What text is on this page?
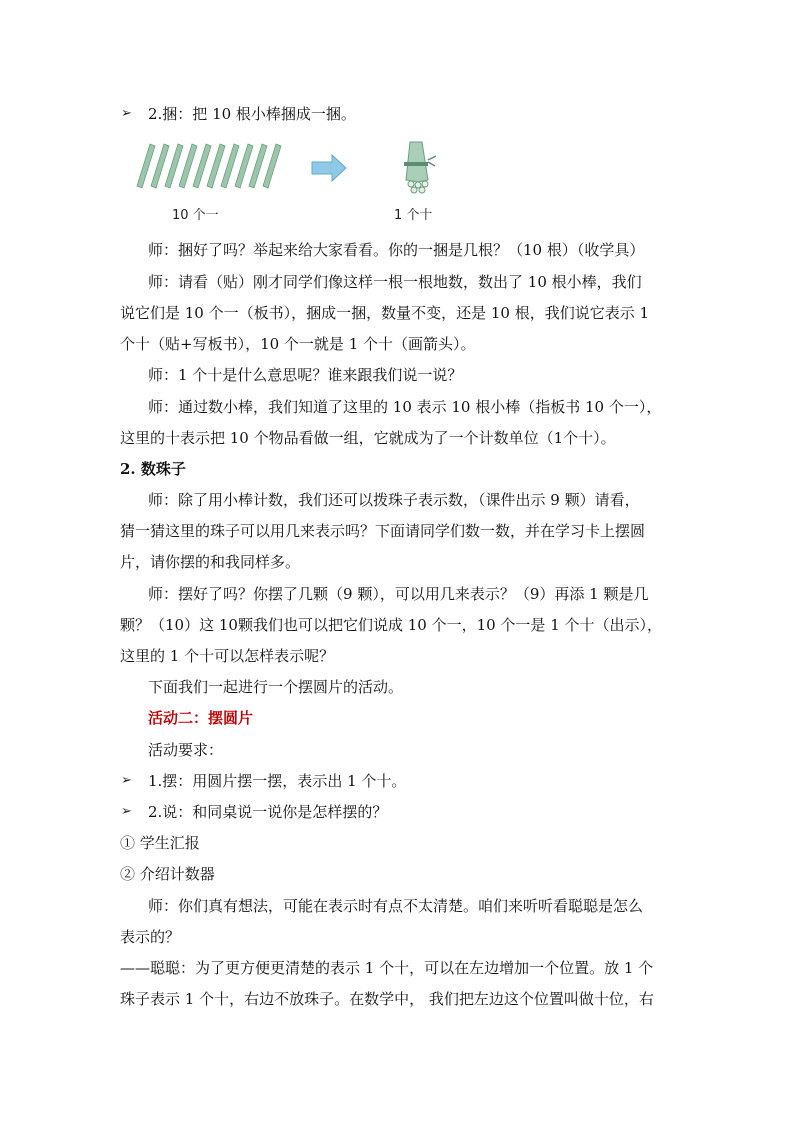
➢ 2.捆：把 10 根小棒捆成一捆。
10 个一	1 个十
师：捆好了吗？举起来给大家看看。你的一捆是几根？（10 根）（收学具）
师：请看（贴）刚才同学们像这样一根一根地数，数出了 10 根小棒，我们
说它们是 10 个一（板书），捆成一捆，数量不变，还是 10 根，我们说它表示 1
个十（贴+写板书），10 个一就是 1 个十（画箭头）。
师：1 个十是什么意思呢？谁来跟我们说一说？
师：通过数小棒，我们知道了这里的 10 表示 10 根小棒（指板书 10 个一），
这里的十表示把 10 个物品看做一组，它就成为了一个计数单位（1个十）。
2. 数珠子
师：除了用小棒计数，我们还可以拨珠子表示数，（课件出示 9 颗）请看，
猜一猜这里的珠子可以用几来表示吗？下面请同学们数一数，并在学习卡上摆圆
片，请你摆的和我同样多。
师：摆好了吗？你摆了几颗（9 颗），可以用几来表示？（9）再添 1 颗是几
颗？（10）这 10颗我们也可以把它们说成 10 个一，10 个一是 1 个十（出示），
这里的 1 个十可以怎样表示呢？
下面我们一起进行一个摆圆片的活动。
活动二：摆圆片
活动要求：
➢ 1.摆：用圆片摆一摆，表示出 1 个十。
➢ 2.说：和同桌说一说你是怎样摆的？
① 学生汇报
② 介绍计数器
师：你们真有想法，可能在表示时有点不太清楚。咱们来听听看聪聪是怎么
表示的？
——聪聪：为了更方便更清楚的表示 1 个十，可以在左边增加一个位置。放 1 个
珠子表示 1 个十，右边不放珠子。在数学中， 我们把左边这个位置叫做十位，右
